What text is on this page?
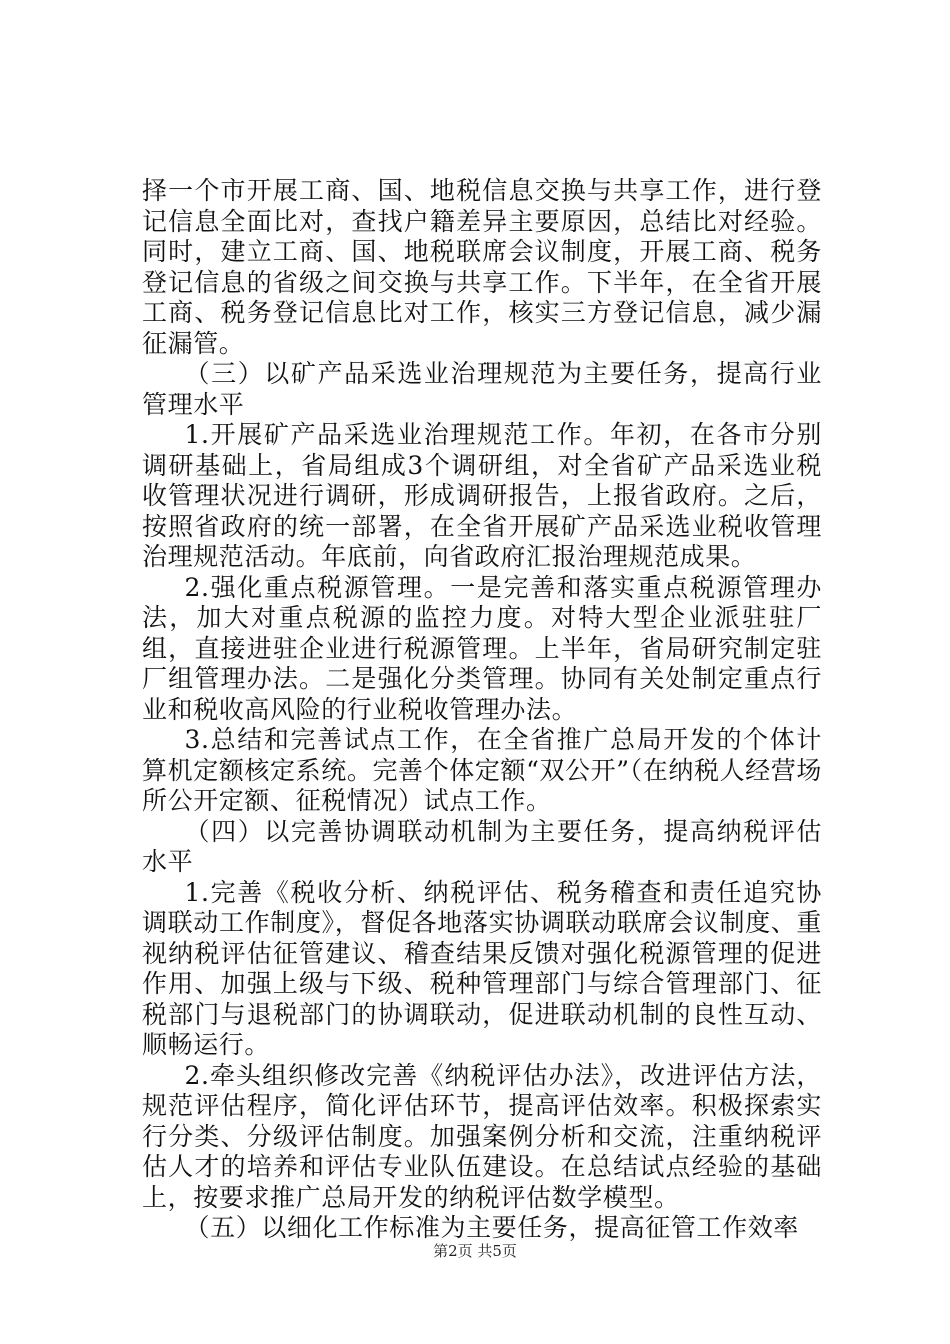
择一个市开展工商、国、地税信息交换与共享工作，进行登记信息全面比对，查找户籍差异主要原因，总结比对经验。同时，建立工商、国、地税联席会议制度，开展工商、税务登记信息的省级之间交换与共享工作。下半年，在全省开展工商、税务登记信息比对工作，核实三方登记信息，减少漏征漏管。

（三）以矿产品采选业治理规范为主要任务，提高行业管理水平

1.开展矿产品采选业治理规范工作。年初，在各市分别调研基础上，省局组成3个调研组，对全省矿产品采选业税收管理状况进行调研，形成调研报告，上报省政府。之后，按照省政府的统一部署，在全省开展矿产品采选业税收管理治理规范活动。年底前，向省政府汇报治理规范成果。

2.强化重点税源管理。一是完善和落实重点税源管理办法，加大对重点税源的监控力度。对特大型企业派驻驻厂组，直接进驻企业进行税源管理。上半年，省局研究制定驻厂组管理办法。二是强化分类管理。协同有关处制定重点行业和税收高风险的行业税收管理办法。

3.总结和完善试点工作，在全省推广总局开发的个体计算机定额核定系统。完善个体定额“双公开”（在纳税人经营场所公开定额、征税情况）试点工作。

（四）以完善协调联动机制为主要任务，提高纳税评估水平

1.完善《税收分析、纳税评估、税务稽查和责任追究协调联动工作制度》，督促各地落实协调联动联席会议制度、重视纳税评估征管建议、稽查结果反馈对强化税源管理的促进作用、加强上级与下级、税种管理部门与综合管理部门、征税部门与退税部门的协调联动，促进联动机制的良性互动、顺畅运行。

2.牵头组织修改完善《纳税评估办法》，改进评估方法，规范评估程序，简化评估环节，提高评估效率。积极探索实行分类、分级评估制度。加强案例分析和交流，注重纳税评估人才的培养和评估专业队伍建设。在总结试点经验的基础上，按要求推广总局开发的纳税评估数学模型。

（五）以细化工作标准为主要任务，提高征管工作效率

第2页 共5页
